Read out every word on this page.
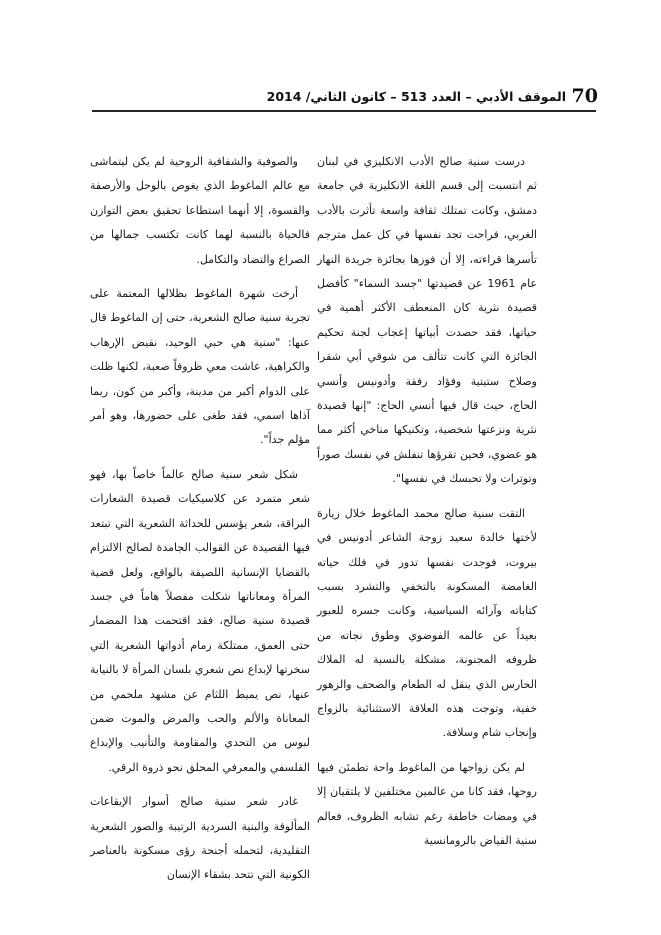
70
الموقف الأدبي – العدد 513 – كانون الثاني/ 2014

درست سنية صالح الأدب الانكليزي في لبنان ثم انتسبت إلى قسم اللغة الانكليزية في جامعة دمشق، وكانت تمتلك ثقافة واسعة تأثرت بالأدب الغربي، فراحت تجد نفسها في كل عمل مترجم تأسرها قراءته، إلا أن فوزها بجائزة جريدة النهار عام 1961 عن قصيدتها "جسد السماء" كأفضل قصيدة نثرية كان المنعطف الأكثر أهمية في حياتها، فقد حصدت أبياتها إعجاب لجنة تحكيم الجائزة التي كانت تتألف من شوقي أبي شقرا وصلاح ستيتية وفؤاد رفقة وأدونيس وأنسي الحاج، حيث قال فيها أنسي الحاج: "إنها قصيدة نثرية ونزعتها شخصية، وتكنيكها مناخي أكثر مما هو عضوي، فحين تقرؤها تنفلش في نفسك صوراً وتوترات ولا تحبسك في نفسها".

التقت سنية صالح محمد الماغوط خلال زيارة لأختها خالدة سعيد زوجة الشاعر أدونيس في بيروت، فوجدت نفسها تدور في فلك حياته الغامضة المسكونة بالتخفي والتشرد بسبب كتاباته وآرائه السياسية، وكانت جسره للعبور بعيداً عن عالمه الفوضوي وطوق نجاته من ظروفه المجنونة، مشكلة بالنسبة له الملاك الحارس الذي ينقل له الطعام والصحف والزهور خفية، وتوجت هذه العلاقة الاستثنائية بالزواج وإنجاب شام وسلافة.

لم يكن زواجها من الماغوط واحة تطمئن فيها روحها، فقد كانا من عالمين مختلفين لا يلتقيان إلا في ومضات خاطفة رغم تشابه الظروف، فعالم سنية الفياض بالرومانسية

والصوفية والشفافية الروحية لم يكن ليتماشى مع عالم الماغوط الذي يغوص بالوحل والأرصفة والقسوة، إلا أنهما استطاعا تحقيق بعض التوازن فالحياة بالنسبة لهما كانت تكتسب جمالها من الصراع والتضاد والتكامل.

أرخت شهرة الماغوط بظلالها المعتمة على تجربة سنية صالح الشعرية، حتى إن الماغوط قال عنها: "سنية هي حبي الوحيد، نقيض الإرهاب والكراهية، عاشت معي ظروفاً صعبة، لكنها ظلت على الدوام أكبر من مدينة، وأكبر من كون، ربما آذاها اسمي، فقد طغى على حضورها، وهو أمر مؤلم جداً".

شكل شعر سنية صالح عالماً خاصاً بها، فهو شعر متمرد عن كلاسيكيات قصيدة الشعارات البراقة، شعر يؤسس للحداثة الشعرية التي تبتعد فيها القصيدة عن القوالب الجامدة لصالح الالتزام بالقضايا الإنسانية اللصيقة بالواقع، ولعل قضية المرأة ومعاناتها شكلت مفصلاً هاماً في جسد قصيدة سنية صالح، فقد اقتحمت هذا المضمار حتى العمق، ممتلكة زمام أدواتها الشعرية التي سخرتها لإبداع نص شعري بلسان المرأة لا بالنيابة عنها، نص يميط اللثام عن مشهد ملحمي من المعاناة والألم والحب والمرض والموت ضمن لبوس من التحدي والمقاومة والتأنيب والإبداع الفلسفي والمعرفي المحلق نحو ذروة الرقي.

غادر شعر سنية صالح أسوار الإيقاعات المألوفة والبنية السردية الرتيبة والصور الشعرية التقليدية، لتحمله أجنحة رؤى مسكونة بالعناصر الكونية التي تتحد بشقاء الإنسان
